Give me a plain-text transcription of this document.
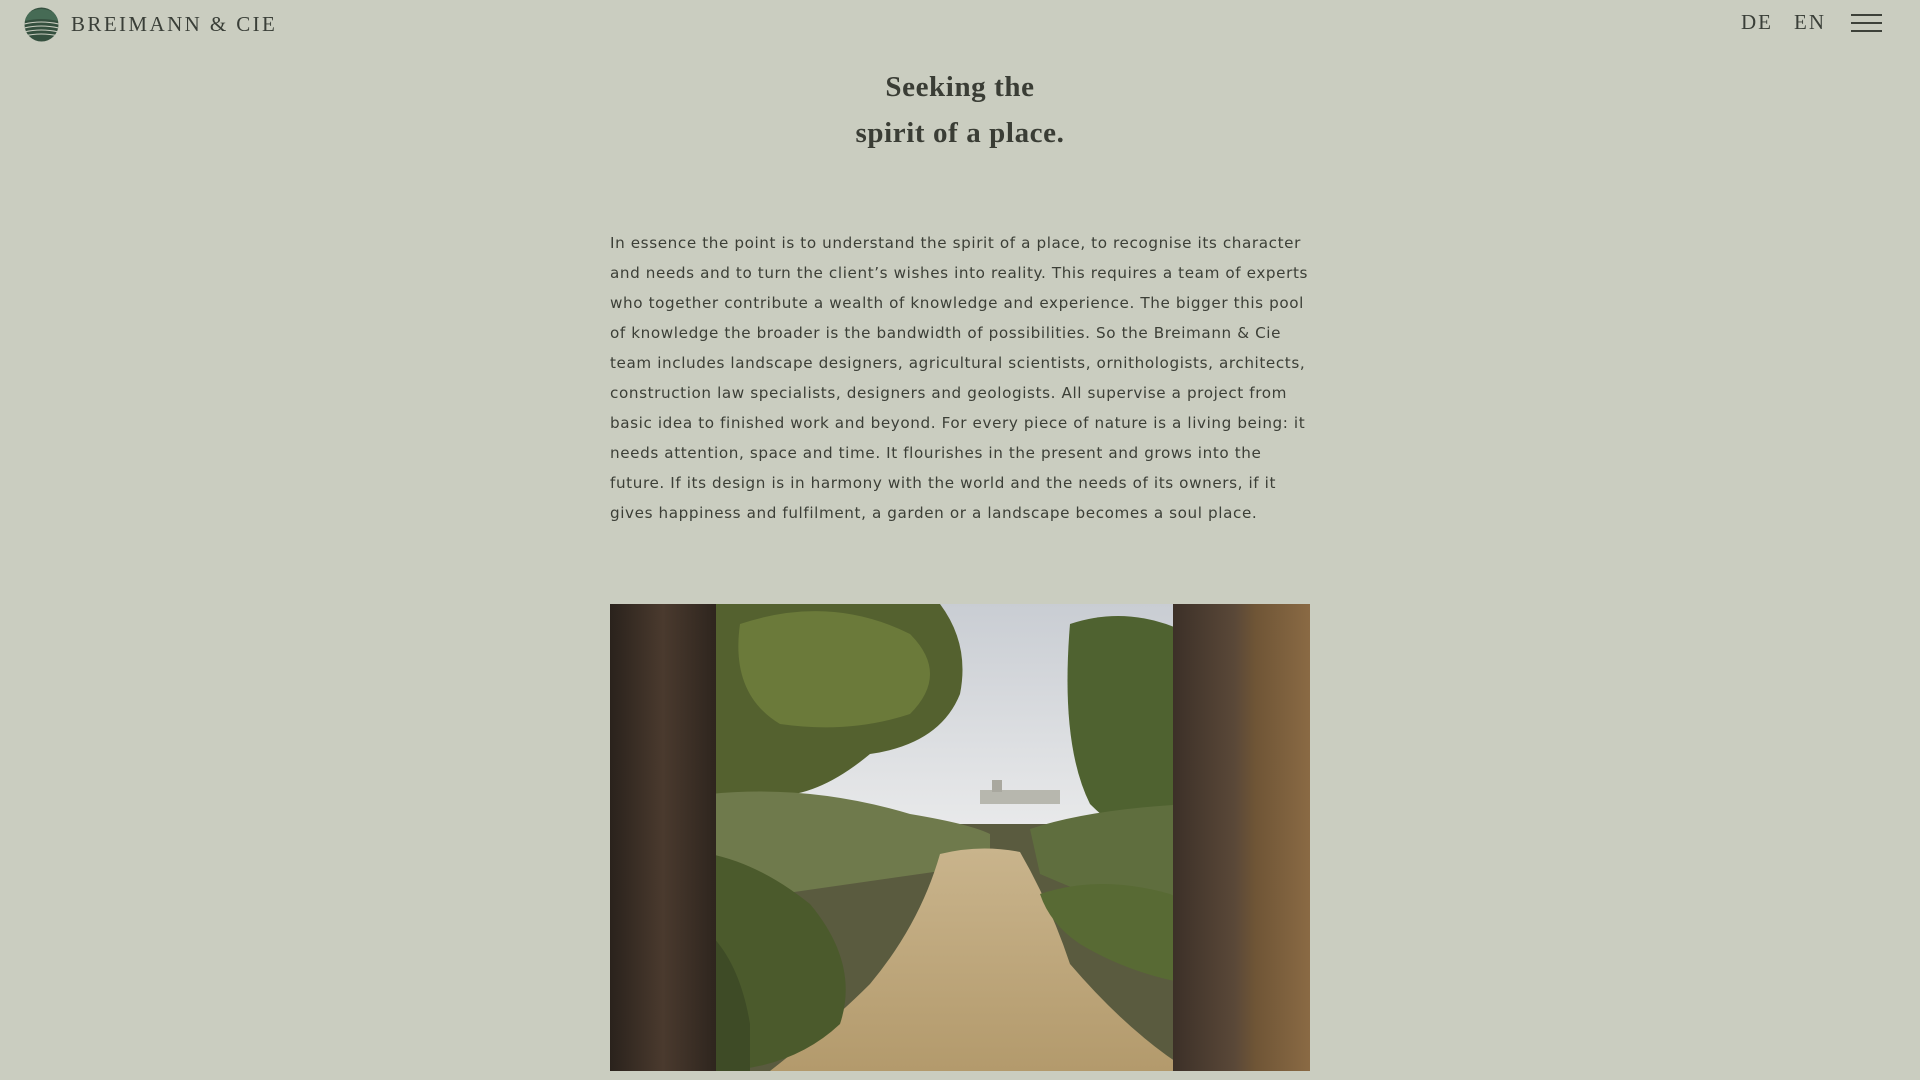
BREIMANN & CIE	DE EN
Seeking the
spirit of a place.

In essence the point is to understand the spirit of a place, to recognise its character and needs and to turn the client’s wishes into reality. This requires a team of experts who together contribute a wealth of knowledge and experience. The bigger this pool of knowledge the broader is the bandwidth of possibilities. So the Breimann & Cie team includes landscape designers, agricultural scientists, ornithologists, architects, construction law specialists, designers and geologists. All supervise a project from basic idea to finished work and beyond. For every piece of nature is a living being: it needs attention, space and time. It flourishes in the present and grows into the future. If its design is in harmony with the world and the needs of its owners, if it gives happiness and fulfilment, a garden or a landscape becomes a soul place.
